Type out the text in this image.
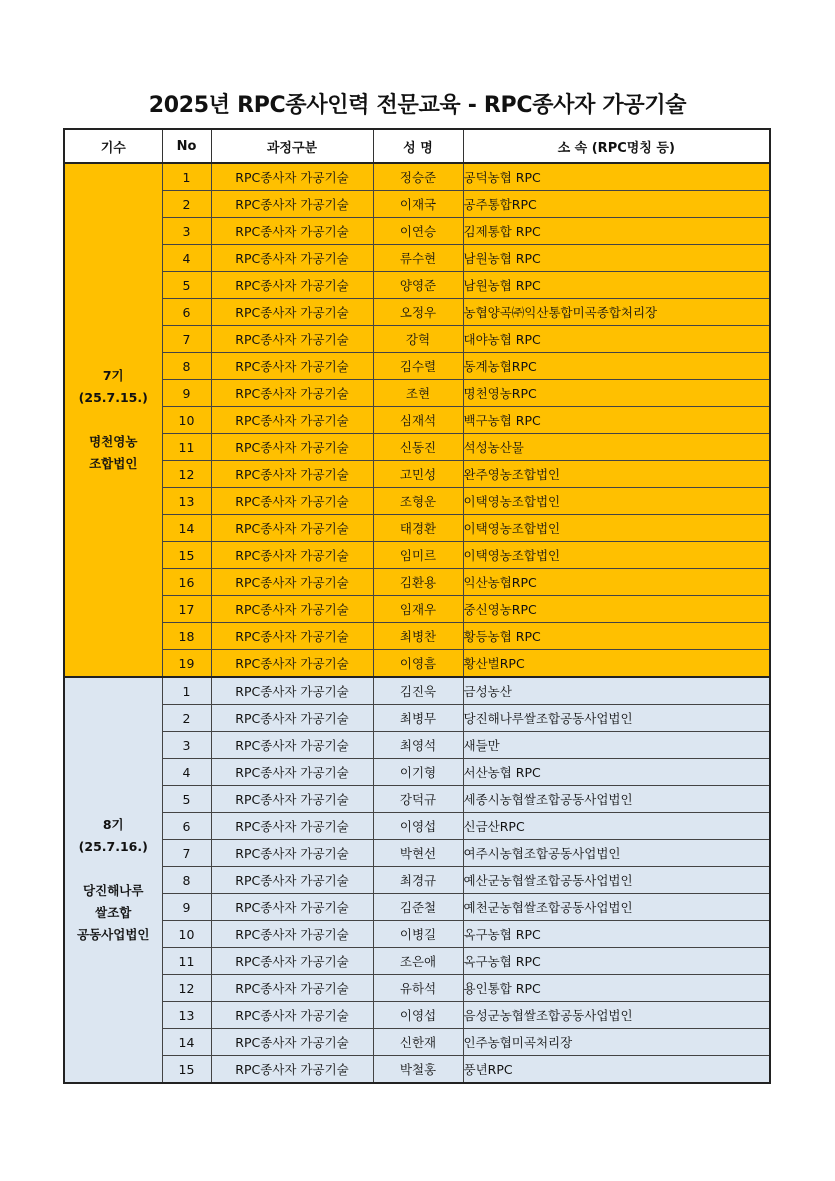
2025년 RPC종사인력 전문교육 - RPC종사자 가공기술
기수	No	과정구분	성 명	소 속 (RPC명칭 등)

7기
(25.7.15.)
명천영농
조합법인	1	RPC종사자 가공기술	정승준	공덕농협 RPC
	2	RPC종사자 가공기술	이재국	공주통합RPC
	3	RPC종사자 가공기술	이연승	김제통합 RPC
	4	RPC종사자 가공기술	류수현	남원농협 RPC
	5	RPC종사자 가공기술	양영준	남원농협 RPC
	6	RPC종사자 가공기술	오정우	농협양곡㈜익산통합미곡종합처리장
	7	RPC종사자 가공기술	강혁	대야농협 RPC
	8	RPC종사자 가공기술	김수렬	동계농협RPC
	9	RPC종사자 가공기술	조현	명천영농RPC
	10	RPC종사자 가공기술	심재석	백구농협 RPC
	11	RPC종사자 가공기술	신동진	석성농산물
	12	RPC종사자 가공기술	고민성	완주영농조합법인
	13	RPC종사자 가공기술	조형운	이택영농조합법인
	14	RPC종사자 가공기술	태경환	이택영농조합법인
	15	RPC종사자 가공기술	임미르	이택영농조합법인
	16	RPC종사자 가공기술	김환용	익산농협RPC
	17	RPC종사자 가공기술	임재우	중신영농RPC
	18	RPC종사자 가공기술	최병찬	황등농협 RPC
	19	RPC종사자 가공기술	이영흠	황산벌RPC

8기
(25.7.16.)
당진해나루
쌀조합
공동사업법인	1	RPC종사자 가공기술	김진욱	금성농산
	2	RPC종사자 가공기술	최병무	당진해나루쌀조합공동사업법인
	3	RPC종사자 가공기술	최영석	새들만
	4	RPC종사자 가공기술	이기형	서산농협 RPC
	5	RPC종사자 가공기술	강덕규	세종시농협쌀조합공동사업법인
	6	RPC종사자 가공기술	이영섭	신금산RPC
	7	RPC종사자 가공기술	박현선	여주시농협조합공동사업법인
	8	RPC종사자 가공기술	최경규	예산군농협쌀조합공동사업법인
	9	RPC종사자 가공기술	김준철	예천군농협쌀조합공동사업법인
	10	RPC종사자 가공기술	이병길	옥구농협 RPC
	11	RPC종사자 가공기술	조은애	옥구농협 RPC
	12	RPC종사자 가공기술	유하석	용인통합 RPC
	13	RPC종사자 가공기술	이영섭	음성군농협쌀조합공동사업법인
	14	RPC종사자 가공기술	신한재	인주농협미곡처리장
	15	RPC종사자 가공기술	박철홍	풍년RPC
